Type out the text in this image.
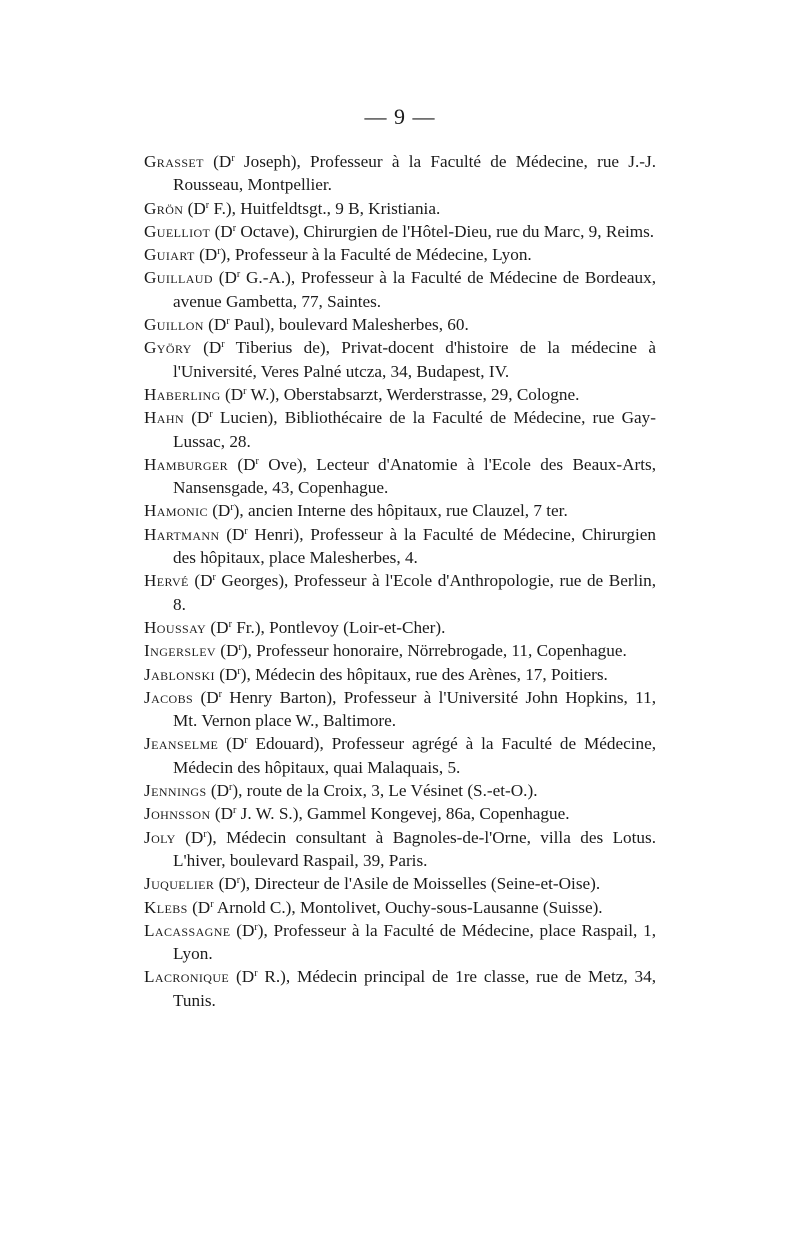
— 9 —

Grasset ($D^r$ Joseph), Professeur à la Faculté de Médecine, rue J.-J. Rousseau, Montpellier.

Grön ($D^r$ F.), Huitfeldtsgt., 9 B, Kristiania.

Guelliot ($D^r$ Octave), Chirurgien de l'Hôtel-Dieu, rue du Marc, 9, Reims.

Guiart $(D^r)$, Professeur à la Faculté de Médecine, Lyon.

Guillaud ($D^r$ G.-A.), Professeur à la Faculté de Médecine de Bordeaux, avenue Gambetta, 77, Saintes.

Guillon ($D^r$ Paul), boulevard Malesherbes, 60.

Györy ($D^r$ Tiberius de), Privat-docent d'histoire de la médecine à l'Université, Veres Palné utcza, 34, Budapest, IV.

Haberling ($D^r$ W.), Oberstabsarzt, Werderstrasse, 29, Cologne.

Hahn ($D^r$ Lucien), Bibliothécaire de la Faculté de Médecine, rue Gay-Lussac, 28.

Hamburger ($D^r$ Ove), Lecteur d'Anatomie à l'Ecole des Beaux-Arts, Nansensgade, 43, Copenhague.

Hamonic $(D^r)$, ancien Interne des hôpitaux, rue Clauzel, 7 ter.

Hartmann ($D^r$ Henri), Professeur à la Faculté de Médecine, Chirurgien des hôpitaux, place Malesherbes, 4.

Hervé ($D^r$ Georges), Professeur à l'Ecole d'Anthropologie, rue de Berlin, 8.

Houssay ($D^r$ Fr.), Pontlevoy (Loir-et-Cher).

Ingerslev $(D^r)$, Professeur honoraire, Nörrebrogade, 11, Copenhague.

Jablonski $(D^r)$, Médecin des hôpitaux, rue des Arènes, 17, Poitiers.

Jacobs ($D^r$ Henry Barton), Professeur à l'Université John Hopkins, 11, Mt. Vernon place W., Baltimore.

Jeanselme ($D^r$ Edouard), Professeur agrégé à la Faculté de Médecine, Médecin des hôpitaux, quai Malaquais, 5.

Jennings $(D^r)$, route de la Croix, 3, Le Vésinet (S.-et-O.).

Johnsson ($D^r$ J. W. S.), Gammel Kongevej, 86a, Copenhague.

Joly $(D^r)$, Médecin consultant à Bagnoles-de-l'Orne, villa des Lotus. L'hiver, boulevard Raspail, 39, Paris.

Juquelier $(D^r)$, Directeur de l'Asile de Moisselles (Seine-et-Oise).

Klebs ($D^r$ Arnold C.), Montolivet, Ouchy-sous-Lausanne (Suisse).

Lacassagne $(D^r)$, Professeur à la Faculté de Médecine, place Raspail, 1, Lyon.

Lacronique ($D^r$ R.), Médecin principal de 1re classe, rue de Metz, 34, Tunis.
